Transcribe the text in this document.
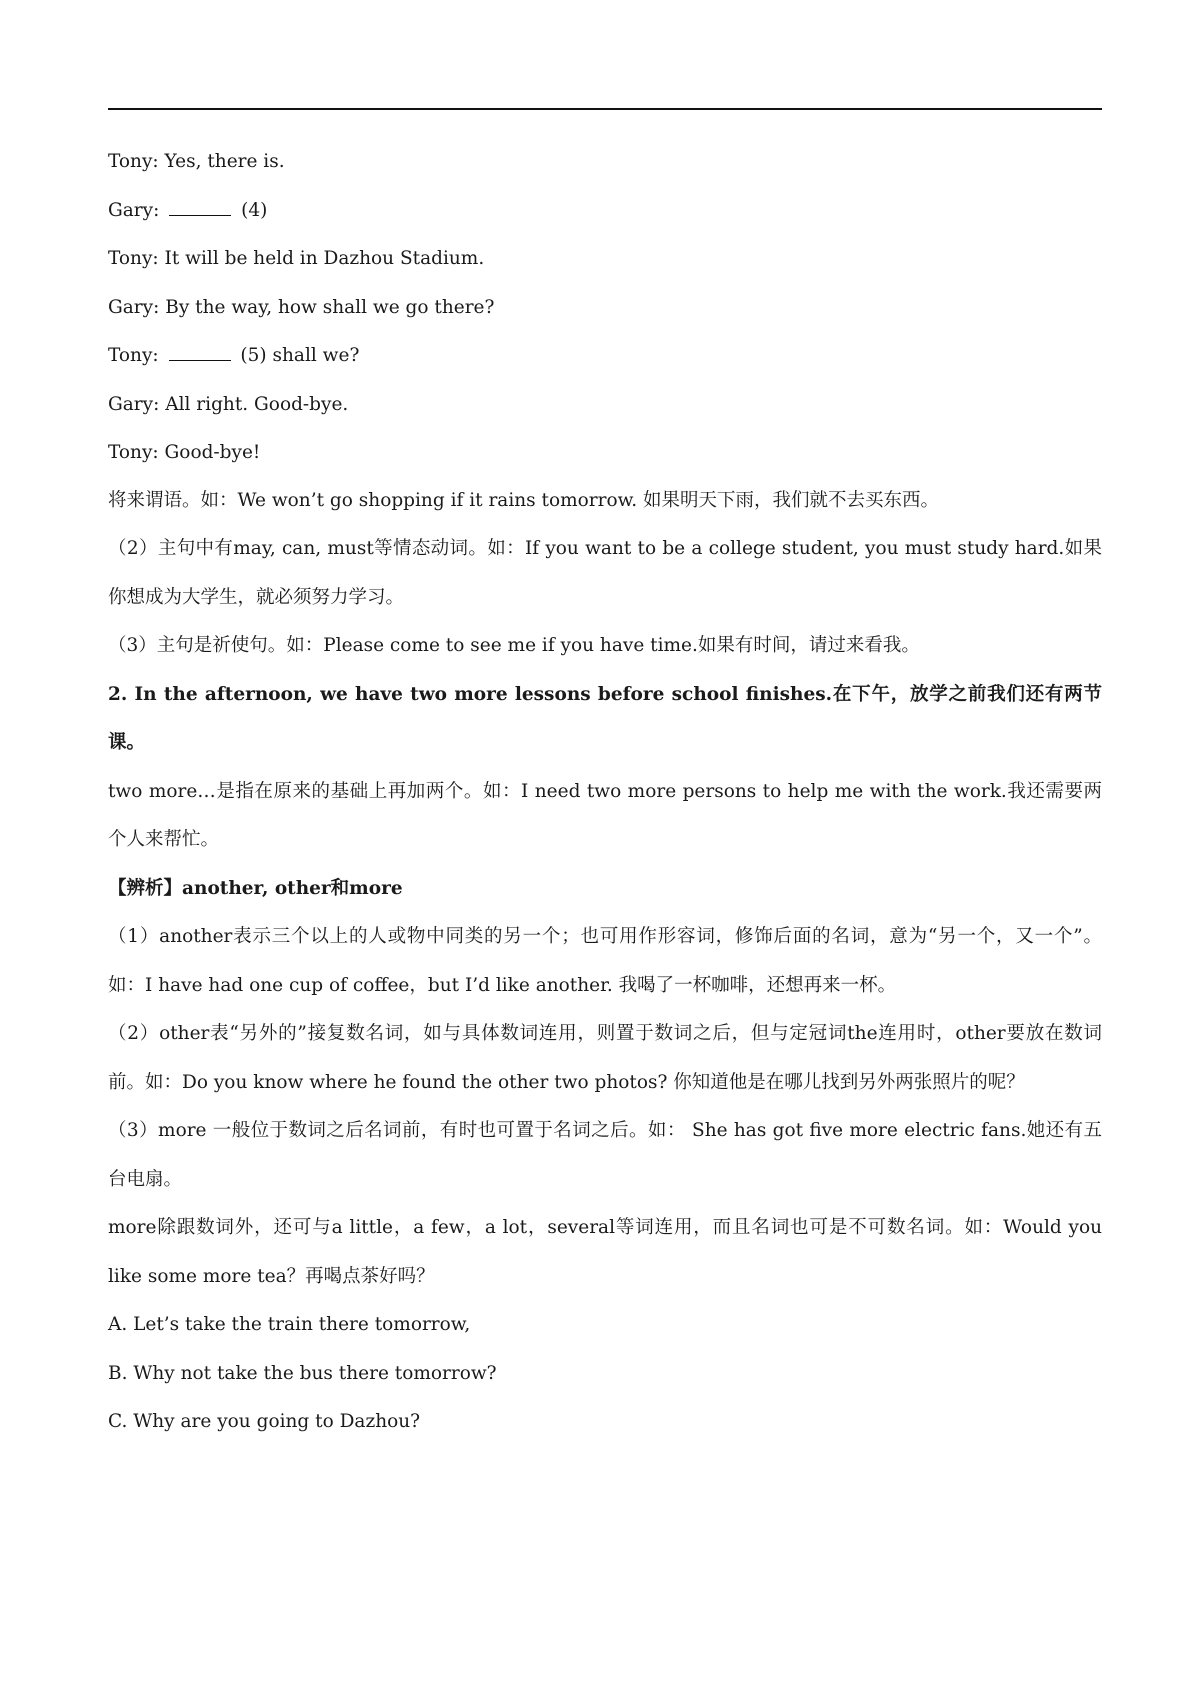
Tony: Yes, there is.
Gary:	(4)
Tony: It will be held in Dazhou Stadium.
Gary: By the way, how shall we go there?
Tony:	(5) shall we?
Gary: All right. Good-bye.
Tony: Good-bye!

将来谓语。如：We won’t go shopping if it rains tomorrow. 如果明天下雨，我们就不去买东西。

（2）主句中有may, can, must等情态动词。如：If you want to be a college student, you must study hard.如果你想成为大学生，就必须努力学习。

（3）主句是祈使句。如：Please come to see me if you have time.如果有时间，请过来看我。

2. In the afternoon, we have two more lessons before school finishes.在下午，放学之前我们还有两节课。

two more…是指在原来的基础上再加两个。如：I need two more persons to help me with the work.我还需要两个人来帮忙。

【辨析】another, other和more

（1）another表示三个以上的人或物中同类的另一个；也可用作形容词，修饰后面的名词，意为“另一个，又一个”。 如：I have had one cup of coffee，but I’d like another. 我喝了一杯咖啡，还想再来一杯。

（2）other表“另外的”接复数名词，如与具体数词连用，则置于数词之后，但与定冠词the连用时，other要放在数词前。如：Do you know where he found the other two photos? 你知道他是在哪儿找到另外两张照片的呢？

（3）more 一般位于数词之后名词前，有时也可置于名词之后。如： She has got five more electric fans.她还有五台电扇。

more除跟数词外，还可与a little，a few，a lot，several等词连用，而且名词也可是不可数名词。如：Would you like some more tea？再喝点茶好吗？

A. Let’s take the train there tomorrow,

B. Why not take the bus there tomorrow?

C. Why are you going to Dazhou?
